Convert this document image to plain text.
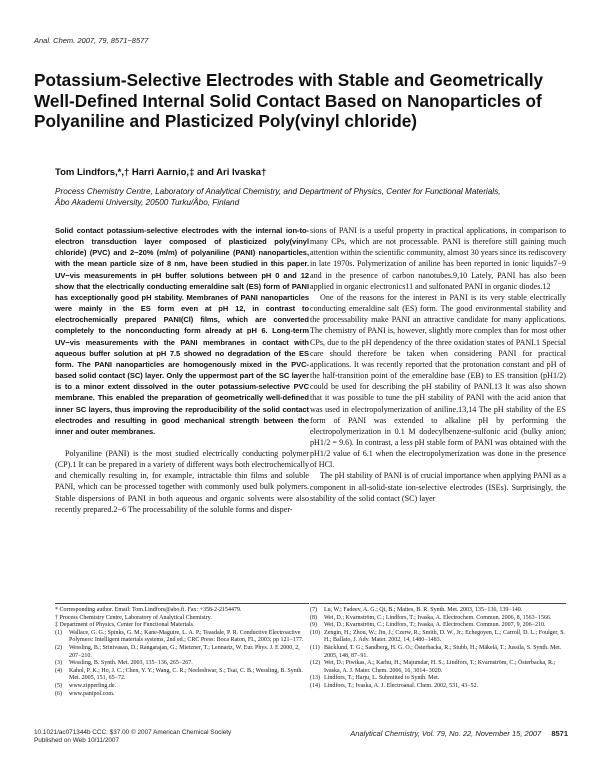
Anal. Chem. 2007, 79, 8571−8577
Potassium-Selective Electrodes with Stable and Geometrically Well-Defined Internal Solid Contact Based on Nanoparticles of Polyaniline and Plasticized Poly(vinyl chloride)
Tom Lindfors,*,† Harri Aarnio,‡ and Ari Ivaska†
Process Chemistry Centre, Laboratory of Analytical Chemistry, and Department of Physics, Center for Functional Materials,
Åbo Akademi University, 20500 Turku/Åbo, Finland

Solid contact potassium-selective electrodes with the internal ion-to-electron transduction layer composed of plasticized poly(vinyl chloride) (PVC) and 2−20% (m/m) of polyaniline (PANI) nanoparticles, with the mean particle size of 8 nm, have been studied in this paper. UV−vis measurements in pH buffer solutions between pH 0 and 12 show that the electrically conducting emeraldine salt (ES) form of PANI has exceptionally good pH stability. Membranes of PANI nanoparticles were mainly in the ES form even at pH 12, in contrast to electrochemically prepared PANI(Cl) films, which are converted completely to the nonconducting form already at pH 6. Long-term UV−vis measurements with the PANI membranes in contact with aqueous buffer solution at pH 7.5 showed no degradation of the ES form. The PANI nanoparticles are homogenously mixed in the PVC-based solid contact (SC) layer. Only the uppermost part of the SC layer is to a minor extent dissolved in the outer potassium-selective PVC membrane. This enabled the preparation of geometrically well-defined inner SC layers, thus improving the reproducibility of the solid contact electrodes and resulting in good mechanical strength between the inner and outer membranes.

Polyaniline (PANI) is the most studied electrically conducting polymer (CP).1 It can be prepared in a variety of different ways both electrochemically and chemically resulting in, for example, intractable thin films and soluble PANI, which can be processed together with commonly used bulk polymers. Stable dispersions of PANI in both aqueous and organic solvents were also recently prepared.2−6 The processability of the soluble forms and disper-

sions of PANI is a useful property in practical applications, in comparison to many CPs, which are not processable. PANI is therefore still gaining much attention within the scientific community, almost 30 years since its rediscovery in late 1970s. Polymerization of aniline has been reported in ionic liquids7−9 and in the presence of carbon nanotubes.9,10 Lately, PANI has also been applied in organic electronics11 and sulfonated PANI in organic diodes.12

One of the reasons for the interest in PANI is its very stable electrically conducting emeraldine salt (ES) form. The good environmental stability and the processability make PANI an attractive candidate for many applications. The chemistry of PANI is, however, slightly more complex than for most other CPs, due to the pH dependency of the three oxidation states of PANI.1 Special care should therefore be taken when considering PANI for practical applications. It was recently reported that the protonation constant and pH of the half-transition point of the emeraldine base (EB) to ES transition (pH1/2) could be used for describing the pH stability of PANI.13 It was also shown that it was possible to tune the pH stability of PANI with the acid anion that was used in electropolymerization of aniline.13,14 The pH stability of the ES form of PANI was extended to alkaline pH by performing the electropolymerization in 0.1 M dodecylbenzene-sulfonic acid (bulky anion; pH1/2 = 9.6). In contrast, a less pH stable form of PANI was obtained with the pH1/2 value of 6.1 when the electropolymerization was done in the presence of HCl.

The pH stability of PANI is of crucial importance when applying PANI as a component in all-solid-state ion-selective electrodes (ISEs). Surprisingly, the stability of the solid contact (SC) layer

* Corresponding author. Email: Tom.Lindfors@abo.fi. Fax: +358-2-2154479.

† Process Chemistry Centre, Laboratory of Analytical Chemistry.

‡ Department of Physics, Center for Functional Materials.

(1) Wallace, G. G.; Spinks, G. M.; Kane-Maguire, L. A. P.; Teasdale, P. R. Conductive Electroactive Polymers: Intelligent materials systems, 2nd ed.; CRC Press: Boca Raton, FL, 2003; pp 121−177.

(2) Wessling, B.; Srinivasan, D.; Rangarajan, G.; Mietzner, T.; Lennartz, W. Eur. Phys. J. E 2000, 2, 207−210.

(3) Wessling, B. Synth. Met. 2003, 135−136, 265−267.

(4) Kahol, P. K.; Ho, J. C.; Chen, Y. Y.; Wang, C. R.; Neeleshwar, S.; Tsai, C. B.; Wessling, B. Synth. Met. 2005, 151, 65−72.

(5) www.zipperling.de.

(6) www.panipol.com.

(7) Lu, W.; Fadeev, A. G.; Qi, B.; Mattes, B. R. Synth. Met. 2003, 135−136, 139−140.

(8) Wei, D.; Kvarnström, C.; Lindfors, T.; Ivaska, A. Electrochem. Commun. 2006, 8, 1563−1566.

(9) Wei, D.; Kvarnström, C.; Lindfors, T.; Ivaska, A. Electrochem. Commun. 2007, 9, 206−210.

(10) Zengin, H.; Zhou, W.; Jin, J.; Czerw, R.; Smith, D. W., Jr.; Echegoyen, L.; Carroll, D. L.; Foulger, S. H.; Ballato, J. Adv. Mater. 2002, 14, 1480−1483.

(11) Bäcklund, T. G.; Sandberg, H. G. O.; Österbacka, R.; Stubb, H.; Mäkelä, T.; Jussila, S. Synth. Met. 2005, 148, 87−91.

(12) Wei, D.; Piwtkas, A.; Karhu, H.; Majumdar, H. S.; Lindfors, T.; Kvarnström, C.; Österbacka, R.; Ivaska, A. J. Mater. Chem. 2006, 16, 3014−3020.

(13) Lindfors, T.; Harju, L. Submitted to Synth. Met.

(14) Lindfors, T.; Ivaska, A. J. Electroanal. Chem. 2002, 531, 43−52.

10.1021/ac071344b CCC: $37.00 © 2007 American Chemical Society
Published on Web 10/11/2007
Analytical Chemistry, Vol. 79, No. 22, November 15, 2007 8571
